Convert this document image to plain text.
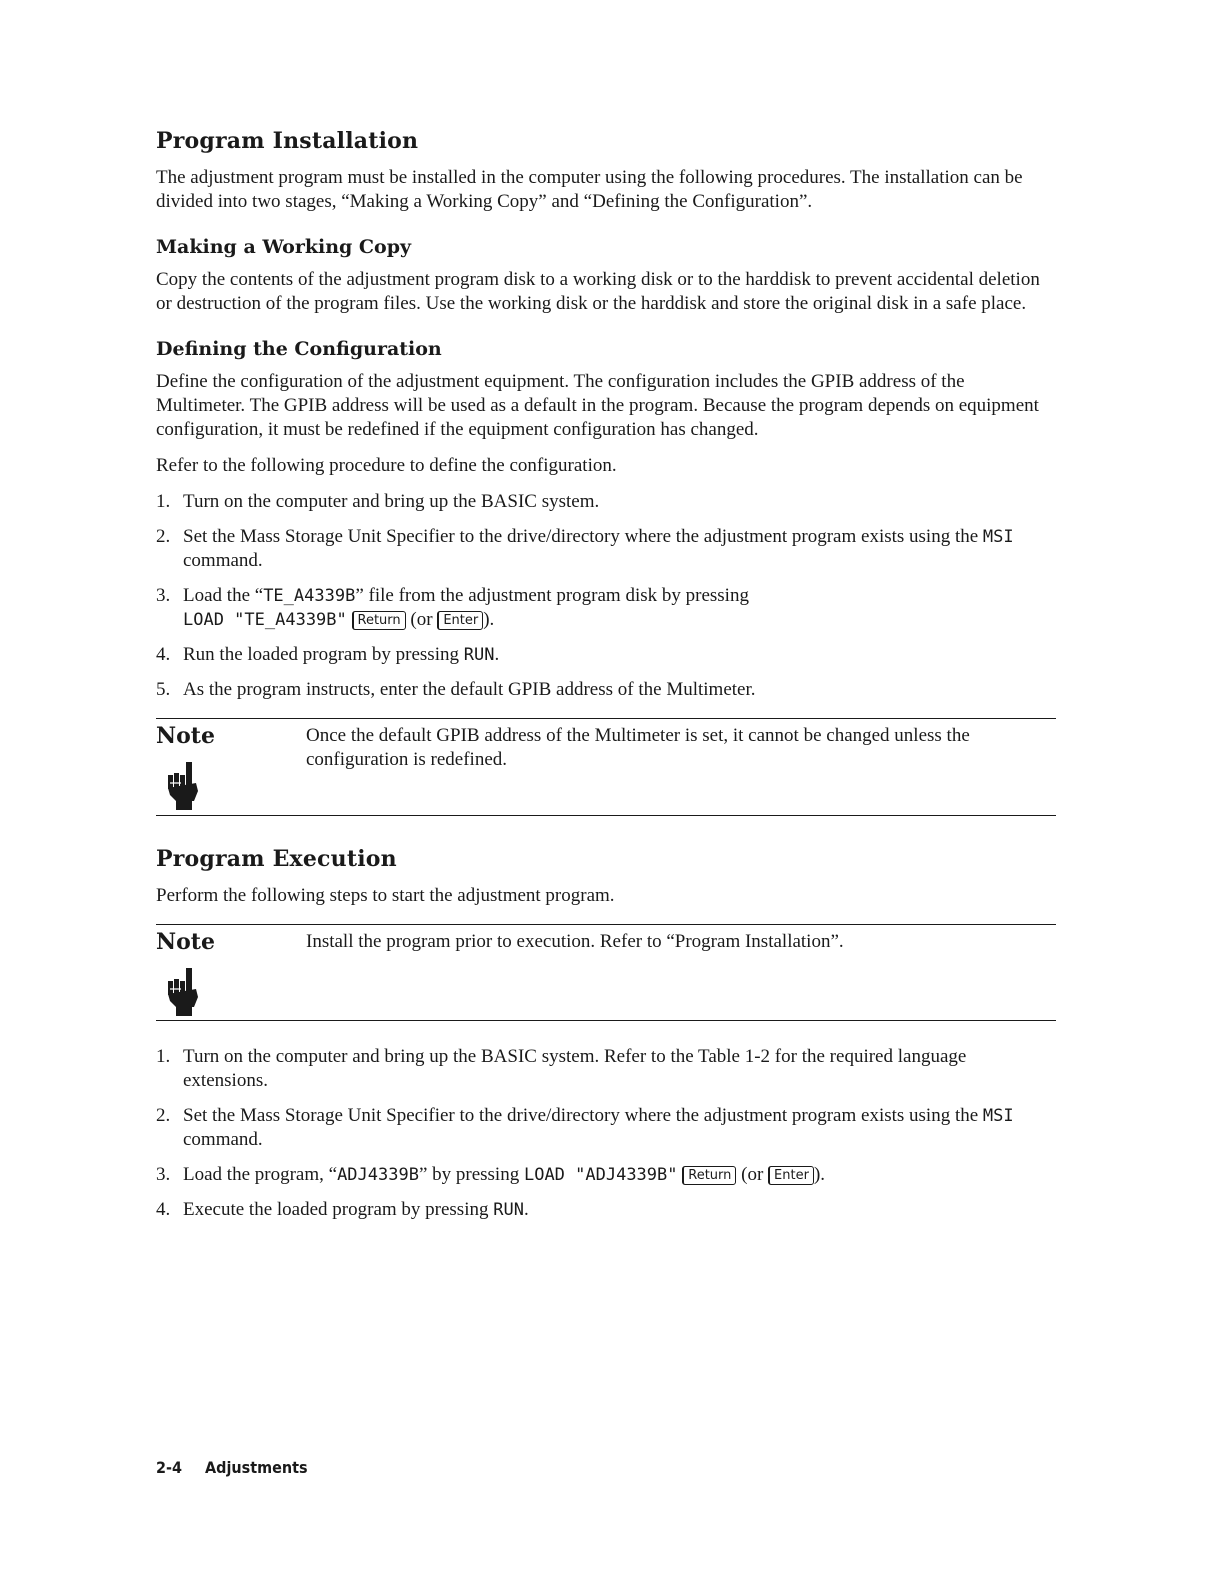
Program Installation

The adjustment program must be installed in the computer using the following procedures. The installation can be divided into two stages, “Making a Working Copy” and “Defining the Configuration”.

Making a Working Copy

Copy the contents of the adjustment program disk to a working disk or to the harddisk to prevent accidental deletion or destruction of the program files. Use the working disk or the harddisk and store the original disk in a safe place.

Defining the Configuration

Define the configuration of the adjustment equipment. The configuration includes the GPIB address of the Multimeter. The GPIB address will be used as a default in the program. Because the program depends on equipment configuration, it must be redefined if the equipment configuration has changed.

Refer to the following procedure to define the configuration.

1. Turn on the computer and bring up the BASIC system.
2. Set the Mass Storage Unit Specifier to the drive/directory where the adjustment program exists using the MSI command.
3. Load the “TE_A4339B” file from the adjustment program disk by pressing
LOAD "TE_A4339B" Return (or Enter ).
4. Run the loaded program by pressing RUN.
5. As the program instructs, enter the default GPIB address of the Multimeter.
Note	Once the default GPIB address of the Multimeter is set, it cannot be changed unless the configuration is redefined.
Program Execution

Perform the following steps to start the adjustment program.

Note	Install the program prior to execution. Refer to “Program Installation”.
1. Turn on the computer and bring up the BASIC system. Refer to the Table 1-2 for the required language extensions.
2. Set the Mass Storage Unit Specifier to the drive/directory where the adjustment program exists using the MSI command.
3. Load the program, “ADJ4339B” by pressing LOAD "ADJ4339B" Return (or Enter ).
4. Execute the loaded program by pressing RUN.
2-4 Adjustments
